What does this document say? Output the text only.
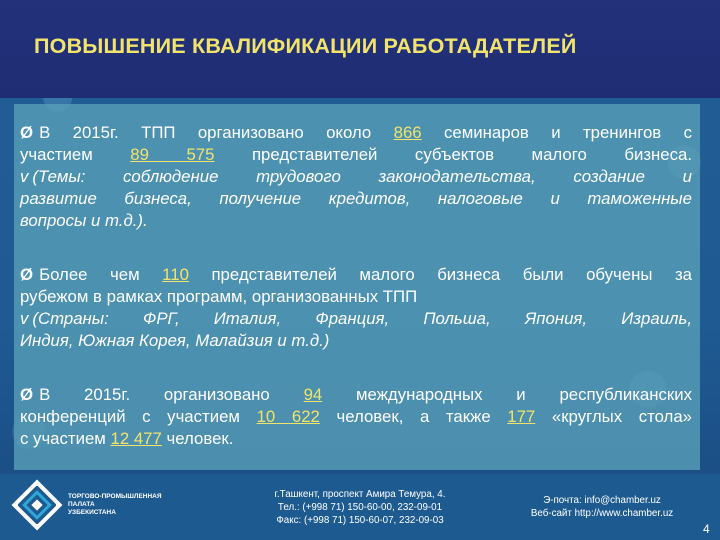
ПОВЫШЕНИЕ КВАЛИФИКАЦИИ РАБОТАДАТЕЛЕЙ
Ø В 2015г. ТПП организовано около 866 семинаров и тренингов с
участием 89 575 представителей субъектов малого бизнеса.
v (Темы: соблюдение трудового законодательства, создание и
развитие бизнеса, получение кредитов, налоговые и таможенные
вопросы и т.д.).
Ø Более чем 110 представителей малого бизнеса были обучены за
рубежом в рамках программ, организованных ТПП
v (Страны: ФРГ, Италия, Франция, Польша, Япония, Израиль,
Индия, Южная Корея, Малайзия и т.д.)
Ø В 2015г. организовано 94 международных и республиканских
конференций с участием 10 622 человек, а также 177 «круглых стола»
с участием 12 477 человек.
ТОРГОВО-ПРОМЫШЛЕННАЯ
ПАЛАТА
УЗБЕКИСТАНА
г.Ташкент, проспект Амира Темура, 4.
Тел.: (+998 71) 150-60-00, 232-09-01
Факс: (+998 71) 150-60-07, 232-09-03
Э-почта: info@chamber.uz
Веб-сайт http://www.chamber.uz
4
